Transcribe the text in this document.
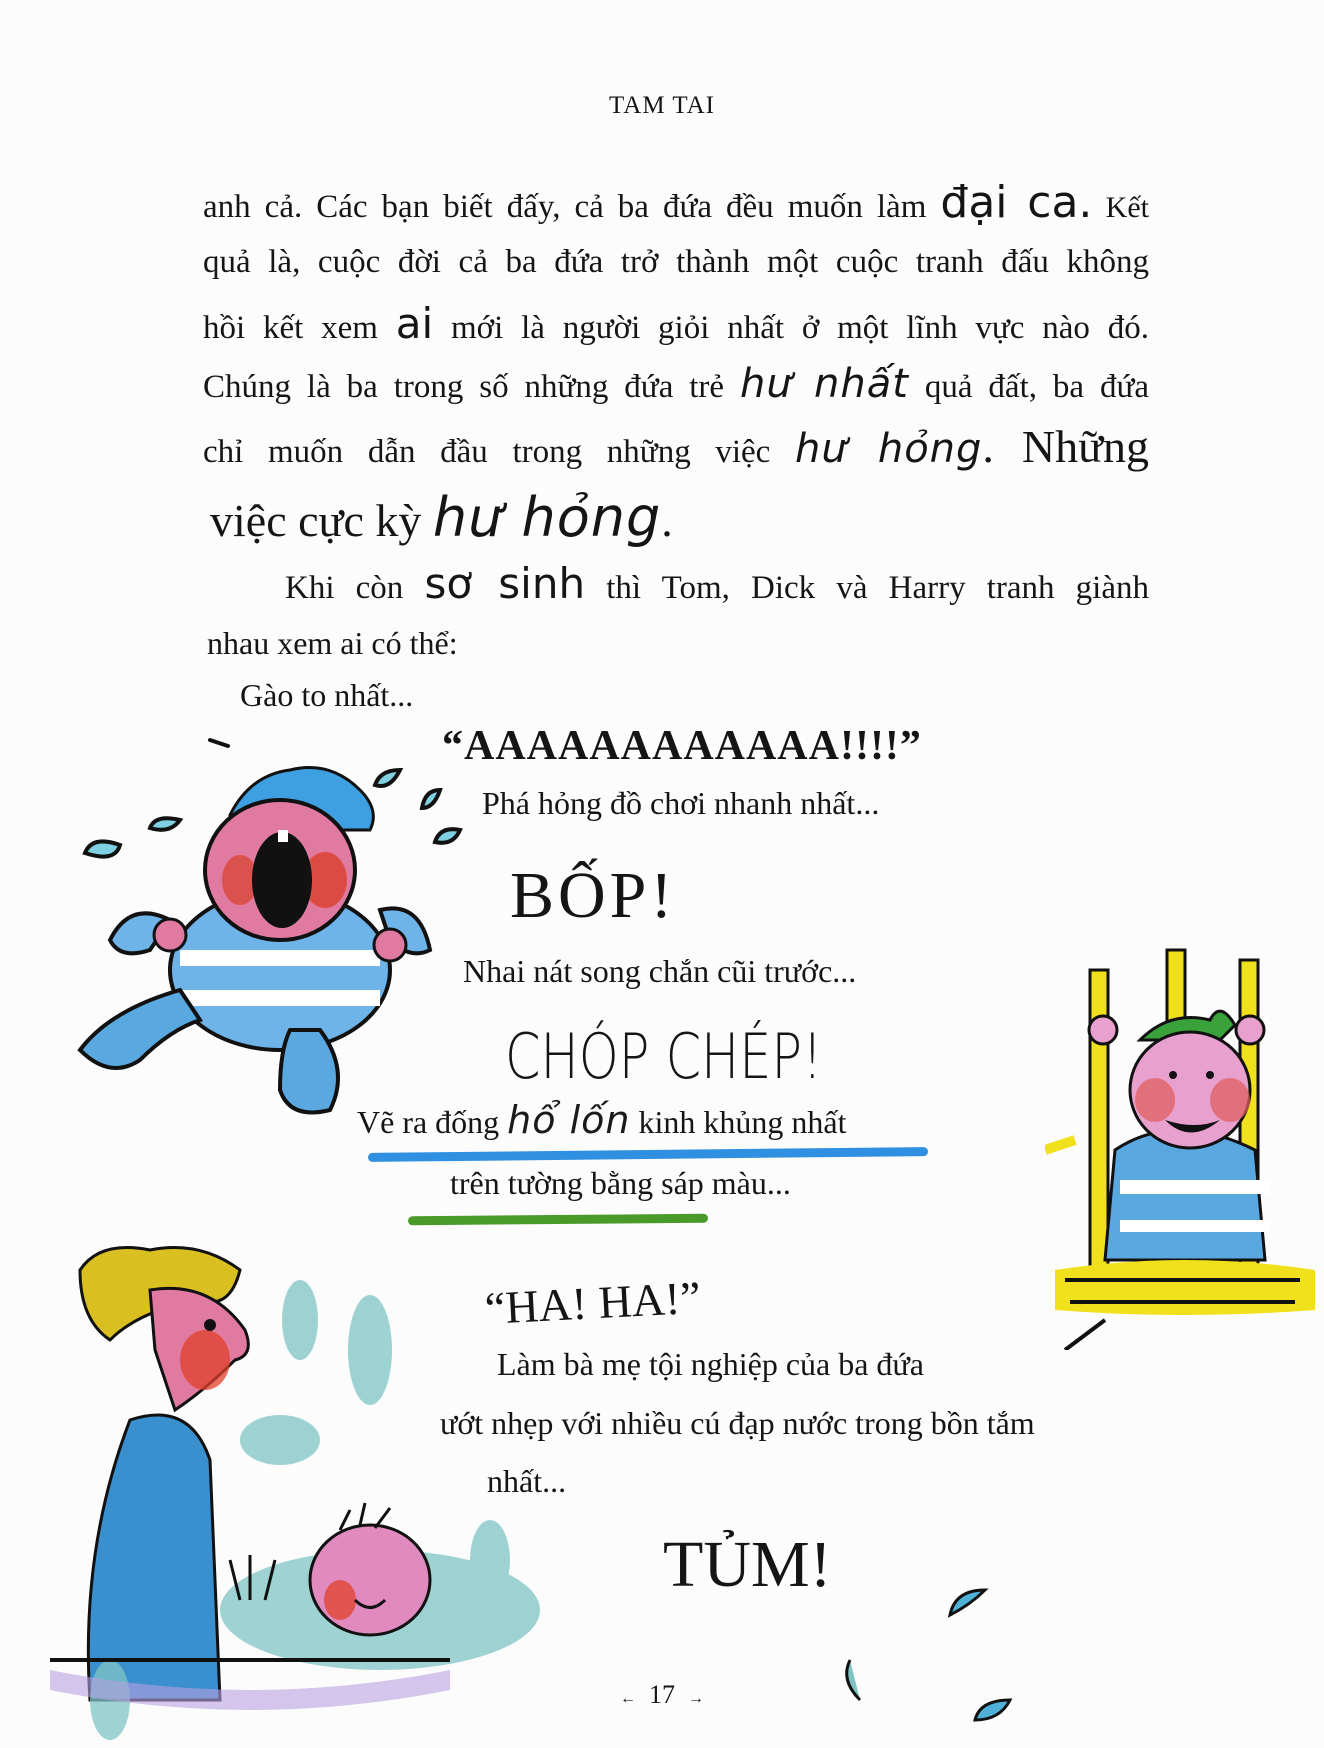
TAM TAI
anh cả. Các bạn biết đấy, cả ba đứa đều muốn làm đại ca. Kết
quả là, cuộc đời cả ba đứa trở thành một cuộc tranh đấu không
hồi kết xem ai mới là người giỏi nhất ở một lĩnh vực nào đó.
Chúng là ba trong số những đứa trẻ hư nhất quả đất, ba đứa
chỉ muốn dẫn đầu trong những việc hư hỏng. Những
việc cực kỳ hư hỏng.
Khi còn sơ sinh thì Tom, Dick và Harry tranh giành
nhau xem ai có thể:
Gào to nhất...
“AAAAAAAAAAAA!!!!”
Phá hỏng đồ chơi nhanh nhất...
BỐP!
Nhai nát song chắn cũi trước...
CHÓP CHÉP!
Vẽ ra đống hổ lốn kinh khủng nhất
trên tường bằng sáp màu...
“HA! HA!”
Làm bà mẹ tội nghiệp của ba đứa
ướt nhẹp với nhiều cú đạp nước trong bồn tắm
nhất...
TỦM!
← 17 →
